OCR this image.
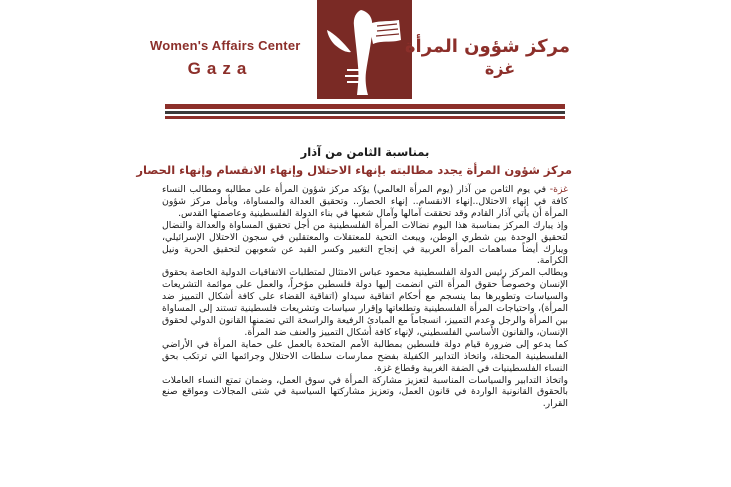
Women's Affairs Center
Gaza
مركز شؤون المرأة
غزة
بمناسبة الثامن من آذار
مركز شؤون المرأة يجدد مطالبته بإنهاء الاحتلال وإنهاء الانقسام وإنهاء الحصار

غزة- في يوم الثامن من آذار (يوم المرأة العالمي) يؤكد مركز شؤون المرأة على مطالبه ومطالب النساء كافة في إنهاء الاحتلال..إنهاء الانقسام.. إنهاء الحصار.. وتحقيق العدالة والمساواة، ويأمل مركز شؤون المرأة أن يأتي آذار القادم وقد تحققت آمالها وآمال شعبها في بناء الدولة الفلسطينية وعاصمتها القدس.

وإذ يبارك المركز بمناسبة هذا اليوم نضالات المرأة الفلسطينية من أجل تحقيق المساواة والعدالة والنضال لتحقيق الوحدة بين شطري الوطن، ويبعث التحية للمعتقلات والمعتقلين في سجون الاحتلال الإسرائيلي، ويبارك أيضاً مساهمات المرأة العربية في إنجاح التغيير وكسر القيد عن شعوبهن لتحقيق الحرية ونيل الكرامة.

ويطالب المركز رئيس الدولة الفلسطينية محمود عباس الامتثال لمتطلبات الاتفاقيات الدولية الخاصة بحقوق الإنسان وخصوصاً حقوق المرأة التي انضمت إليها دولة فلسطين مؤخراً، والعمل على موائمة التشريعات والسياسات وتطويرها بما ينسجم مع أحكام اتفاقية سيداو (اتفاقية القضاء على كافة أشكال التمييز ضد المرأة)، واحتياجات المرأة الفلسطينية وتطلعاتها وإقرار سياسات وتشريعات فلسطينية تستند إلى المساواة بين المرأة والرجل وعدم التمييز، انسجاماً مع المبادئ الرفيعة والراسخة التي تضمنها القانون الدولي لحقوق الإنسان، والقانون الأساسي الفلسطيني، لإنهاء كافة أشكال التمييز والعنف ضد المرأة.

كما يدعو إلى ضرورة قيام دولة فلسطين بمطالبة الأمم المتحدة بالعمل على حماية المرأة في الأراضي الفلسطينية المحتلة، واتخاذ التدابير الكفيلة بفضح ممارسات سلطات الاحتلال وجرائمها التي ترتكب بحق النساء الفلسطينيات في الضفة الغربية وقطاع غزة.

واتخاذ التدابير والسياسات المناسبة لتعزيز مشاركة المرأة في سوق العمل، وضمان تمتع النساء العاملات بالحقوق القانونية الواردة في قانون العمل، وتعزيز مشاركتها السياسية في شتى المجالات ومواقع صنع القرار.
